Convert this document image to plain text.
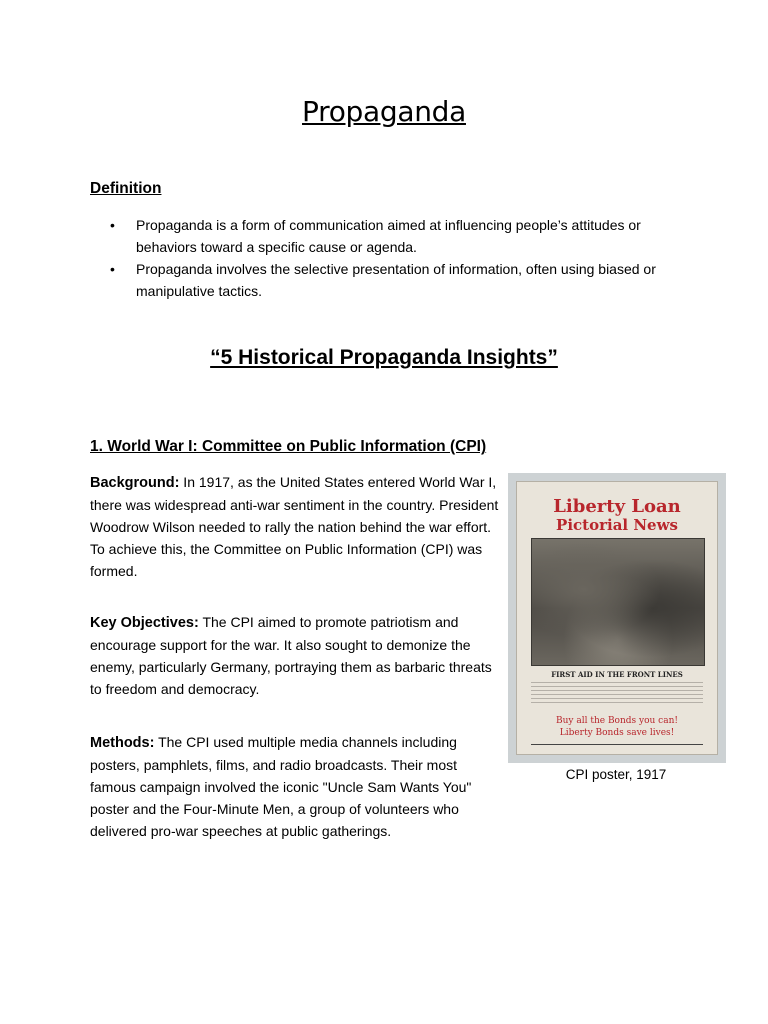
Propaganda
Definition
• Propaganda is a form of communication aimed at influencing people’s attitudes or behaviors toward a specific cause or agenda.
• Propaganda involves the selective presentation of information, often using biased or manipulative tactics.
“5 Historical Propaganda Insights”
1. World War I: Committee on Public Information (CPI)
Background: In 1917, as the United States entered World War I, there was widespread anti-war sentiment in the country. President Woodrow Wilson needed to rally the nation behind the war effort. To achieve this, the Committee on Public Information (CPI) was formed.
Key Objectives: The CPI aimed to promote patriotism and encourage support for the war. It also sought to demonize the enemy, particularly Germany, portraying them as barbaric threats to freedom and democracy.
Methods: The CPI used multiple media channels including posters, pamphlets, films, and radio broadcasts. Their most famous campaign involved the iconic "Uncle Sam Wants You" poster and the Four-Minute Men, a group of volunteers who delivered pro-war speeches at public gatherings.
Liberty Loan
Pictorial News
FIRST AID IN THE FRONT LINES
Buy all the Bonds you can!
Liberty Bonds save lives!
CPI poster, 1917
